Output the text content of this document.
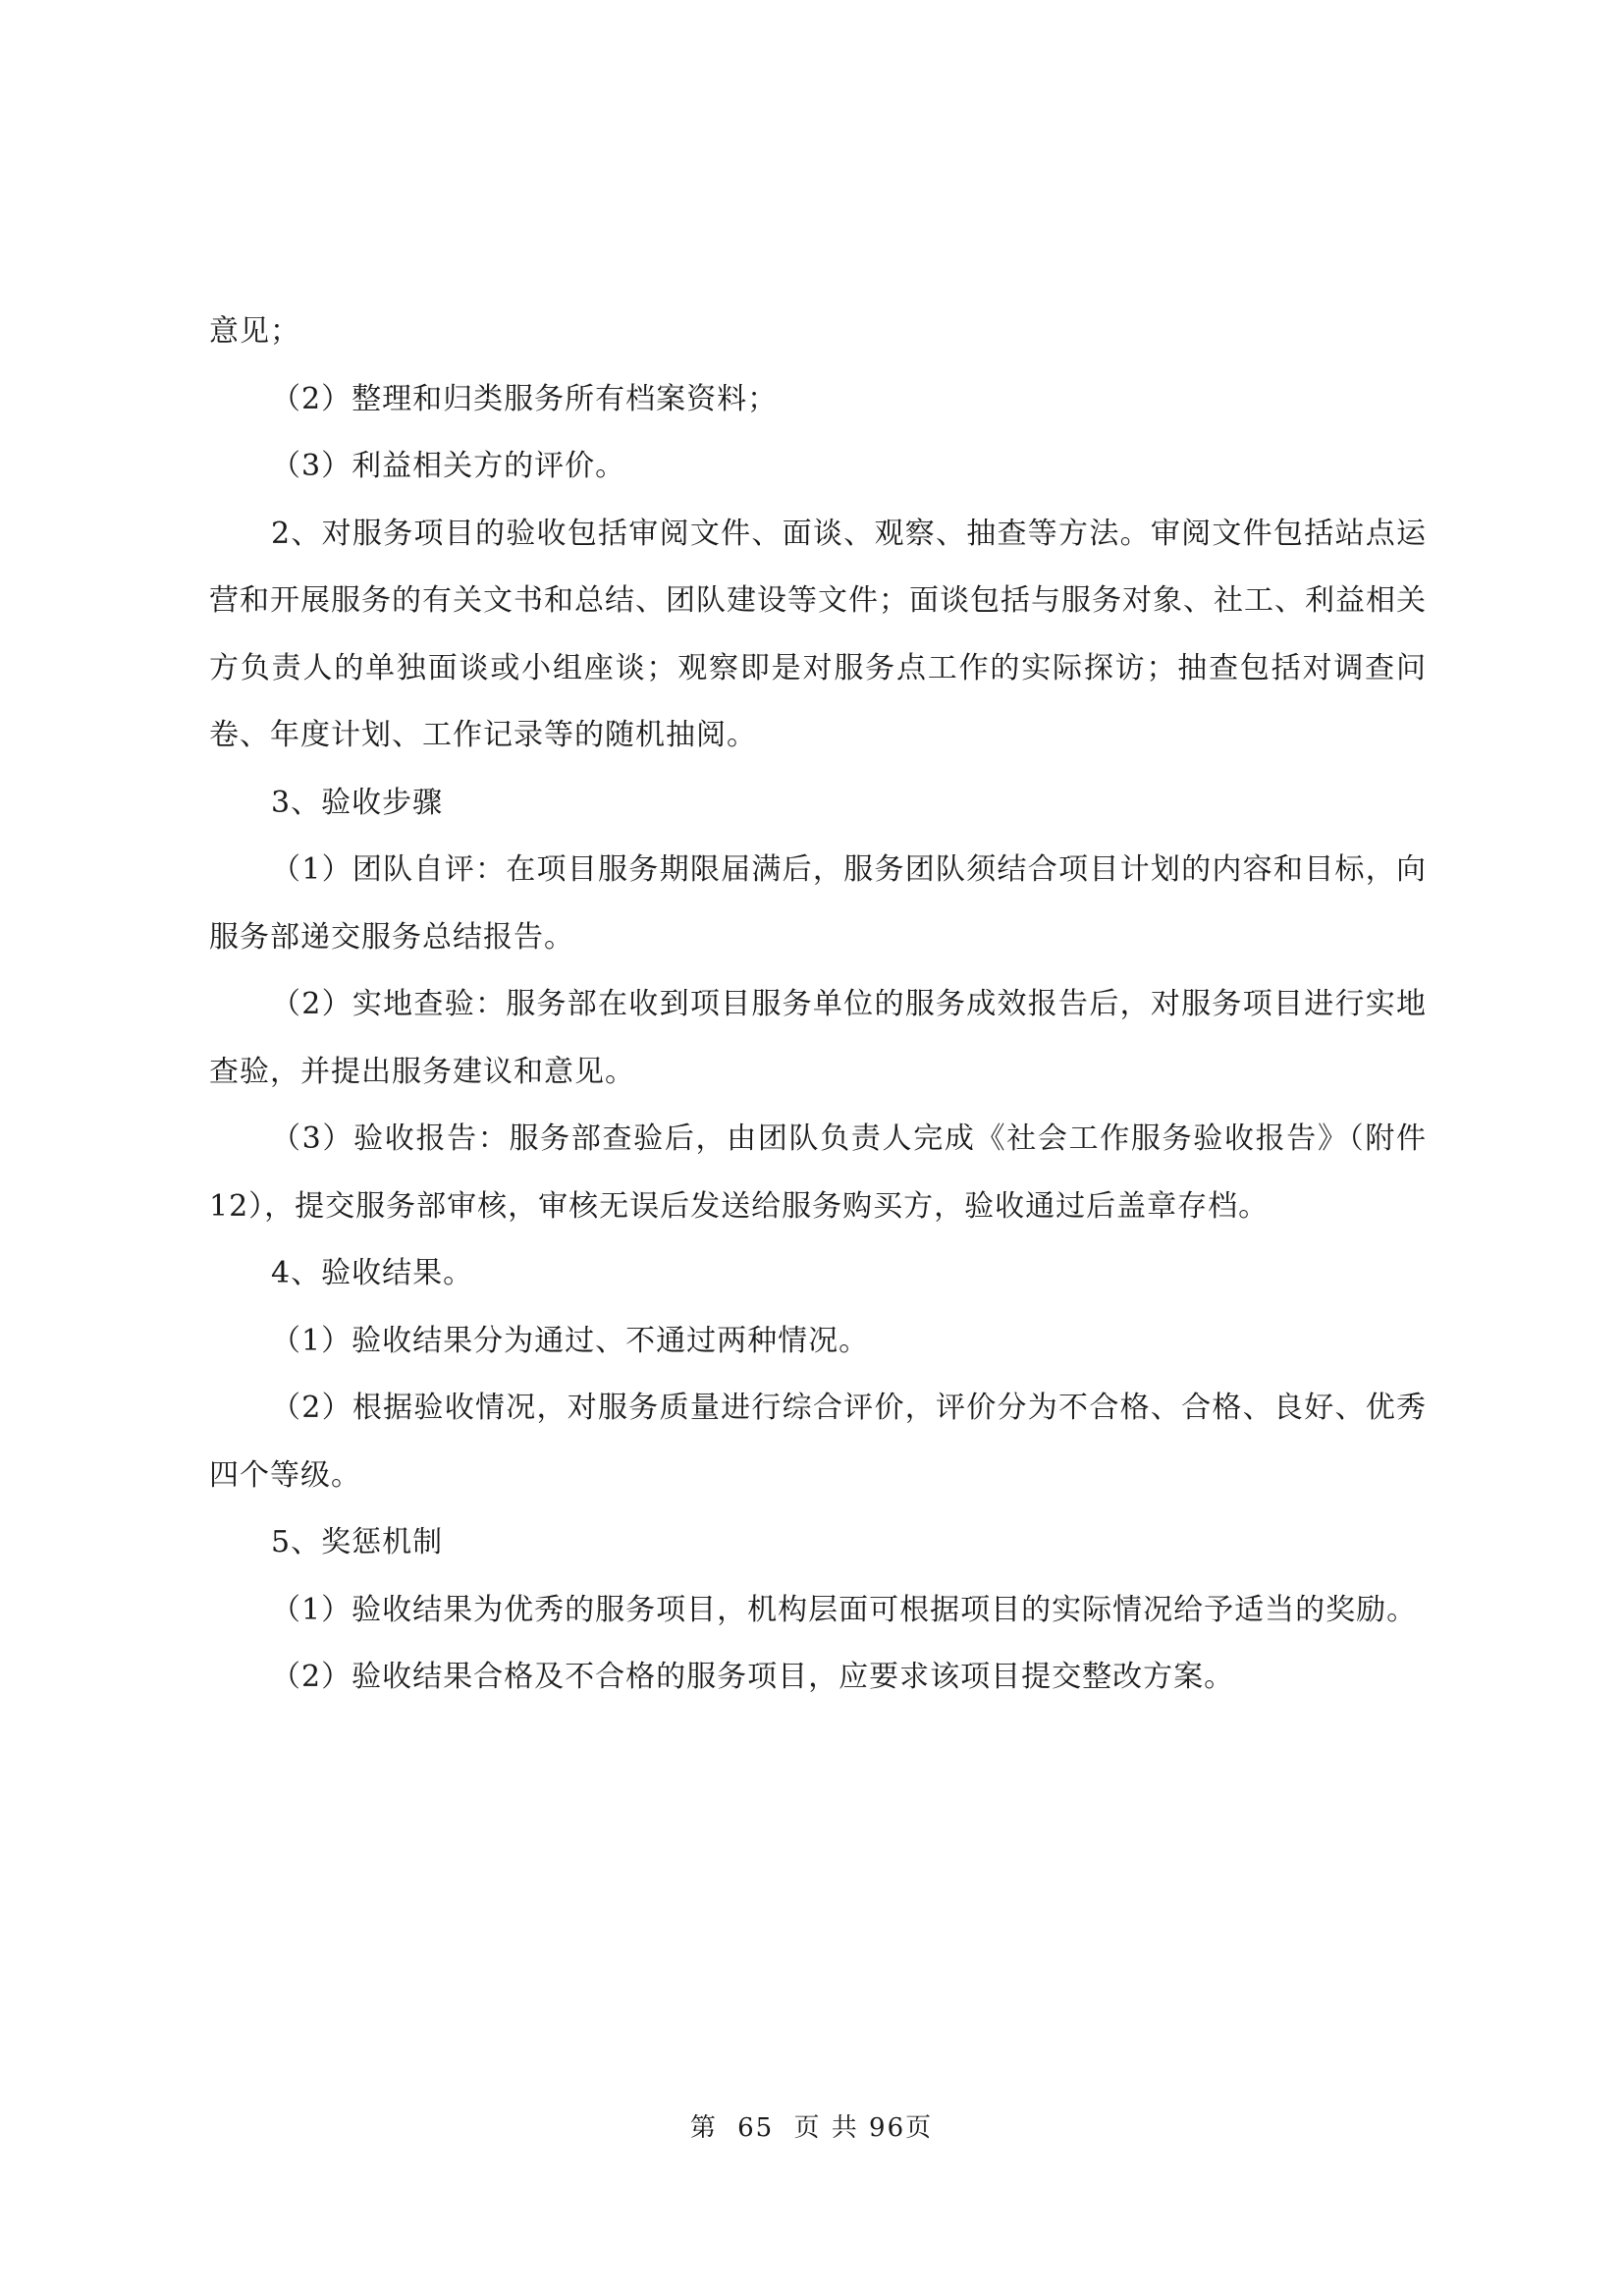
意见；

（2）整理和归类服务所有档案资料；

（3）利益相关方的评价。

2、对服务项目的验收包括审阅文件、面谈、观察、抽查等方法。审阅文件包括站点运营和开展服务的有关文书和总结、团队建设等文件；面谈包括与服务对象、社工、利益相关方负责人的单独面谈或小组座谈；观察即是对服务点工作的实际探访；抽查包括对调查问卷、年度计划、工作记录等的随机抽阅。

3、验收步骤

（1）团队自评：在项目服务期限届满后，服务团队须结合项目计划的内容和目标，向服务部递交服务总结报告。

（2）实地查验：服务部在收到项目服务单位的服务成效报告后，对服务项目进行实地查验，并提出服务建议和意见。

（3）验收报告：服务部查验后，由团队负责人完成《社会工作服务验收报告》（附件12），提交服务部审核，审核无误后发送给服务购买方，验收通过后盖章存档。

4、验收结果。

（1）验收结果分为通过、不通过两种情况。

（2）根据验收情况，对服务质量进行综合评价，评价分为不合格、合格、良好、优秀四个等级。

5、奖惩机制

（1）验收结果为优秀的服务项目，机构层面可根据项目的实际情况给予适当的奖励。

（2）验收结果合格及不合格的服务项目，应要求该项目提交整改方案。

第 65 页 共 96页
